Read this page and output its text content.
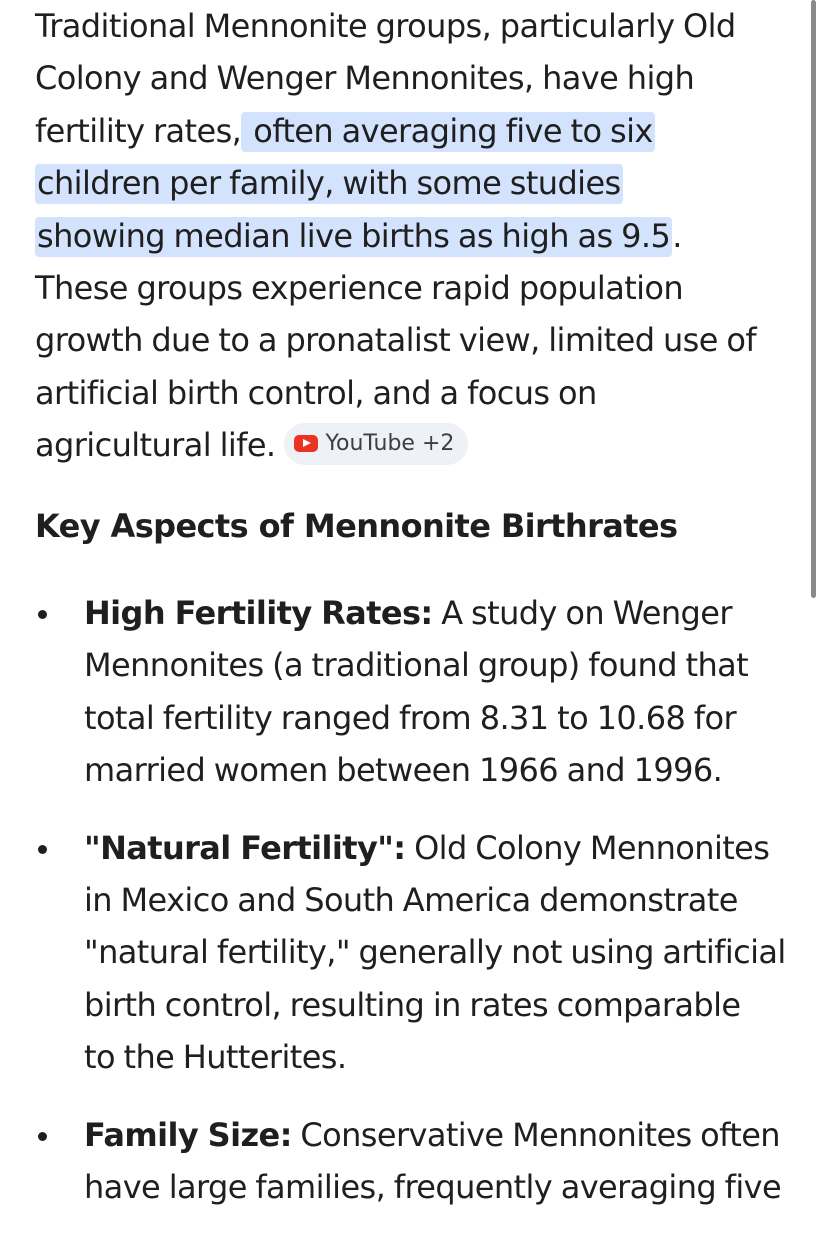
Traditional Mennonite groups, particularly Old
Colony and Wenger Mennonites, have high
fertility rates, often averaging five to six
children per family, with some studies
showing median live births as high as 9.5.
These groups experience rapid population
growth due to a pronatalist view, limited use of
artificial birth control, and a focus on
agricultural life. YouTube +2

Key Aspects of Mennonite Birthrates
High Fertility Rates: A study on Wenger
Mennonites (a traditional group) found that
total fertility ranged from 8.31 to 10.68 for
married women between 1966 and 1996.
"Natural Fertility": Old Colony Mennonites
in Mexico and South America demonstrate
"natural fertility," generally not using artificial
birth control, resulting in rates comparable
to the Hutterites.
Family Size: Conservative Mennonites often
have large families, frequently averaging five
